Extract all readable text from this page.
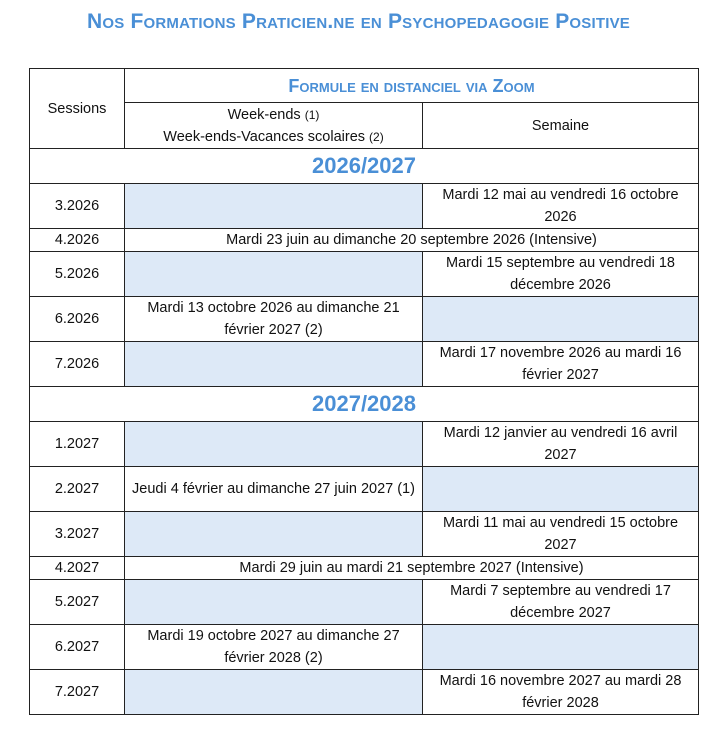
Nos Formations Praticien.ne en Psychopedagogie Positive
Sessions	Formule en distanciel via Zoom	
	Week-ends (1)
Week-ends-Vacances scolaires (2)	Semaine
2026/2027		
3.2026		Mardi 12 mai au vendredi 16 octobre 2026
4.2026	Mardi 23 juin au dimanche 20 septembre 2026 (Intensive)	
5.2026		Mardi 15 septembre au vendredi 18 décembre 2026
6.2026	Mardi 13 octobre 2026 au dimanche 21 février 2027 (2)	
7.2026		Mardi 17 novembre 2026 au mardi 16 février 2027
2027/2028		
1.2027		Mardi 12 janvier au vendredi 16 avril 2027
2.2027	Jeudi 4 février au dimanche 27 juin 2027 (1)	
3.2027		Mardi 11 mai au vendredi 15 octobre 2027
4.2027	Mardi 29 juin au mardi 21 septembre 2027 (Intensive)	
5.2027		Mardi 7 septembre au vendredi 17 décembre 2027
6.2027	Mardi 19 octobre 2027 au dimanche 27 février 2028 (2)	
7.2027		Mardi 16 novembre 2027 au mardi 28 février 2028
